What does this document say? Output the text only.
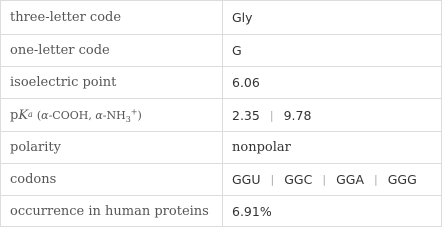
three-letter code	Gly
one-letter code	G
isoelectric point	6.06
p K a (α-COOH, $\alpha-NH_3^+$)	2.35 | 9.78
polarity	nonpolar
codons	GGU | GGC | GGA | GGG
occurrence in human proteins	6.91%
